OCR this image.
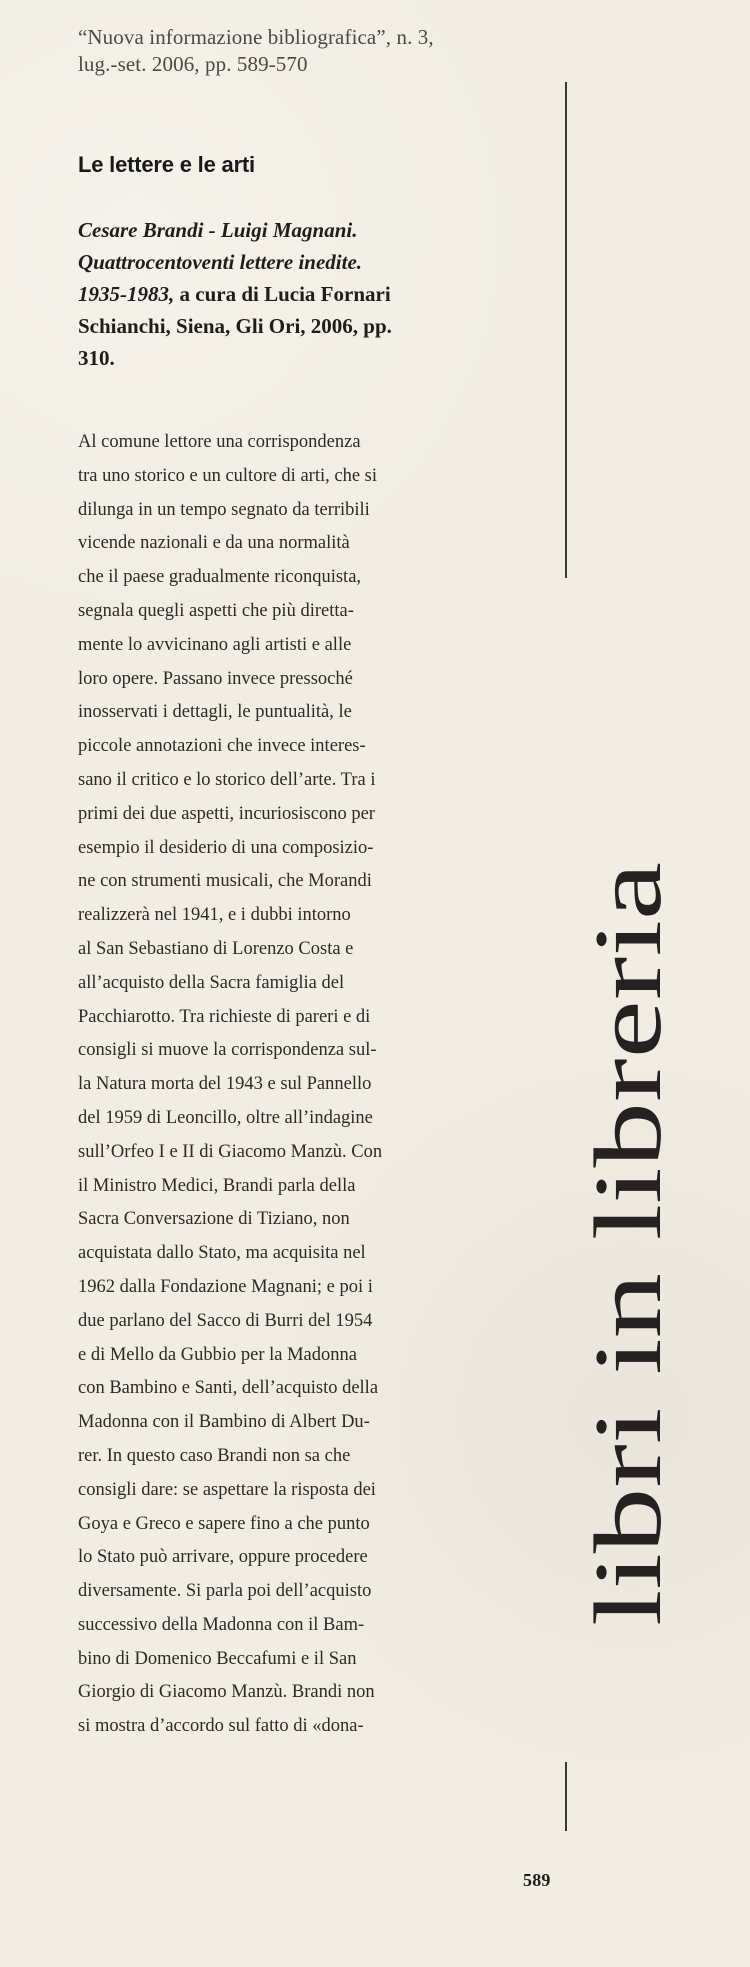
“Nuova informazione bibliografica”, n. 3,
lug.-set. 2006, pp. 589-570
Le lettere e le arti
Cesare Brandi - Luigi Magnani.
Quattrocentoventi lettere inedite.
1935-1983, a cura di Lucia Fornari
Schianchi, Siena, Gli Ori, 2006, pp.
310.
Al comune lettore una corrispondenza
tra uno storico e un cultore di arti, che si
dilunga in un tempo segnato da terribili
vicende nazionali e da una normalità
che il paese gradualmente riconquista,
segnala quegli aspetti che più diretta-
mente lo avvicinano agli artisti e alle
loro opere. Passano invece pressoché
inosservati i dettagli, le puntualità, le
piccole annotazioni che invece interes-
sano il critico e lo storico dell’arte. Tra i
primi dei due aspetti, incuriosiscono per
esempio il desiderio di una composizio-
ne con strumenti musicali, che Morandi
realizzerà nel 1941, e i dubbi intorno
al San Sebastiano di Lorenzo Costa e
all’acquisto della Sacra famiglia del
Pacchiarotto. Tra richieste di pareri e di
consigli si muove la corrispondenza sul-
la Natura morta del 1943 e sul Pannello
del 1959 di Leoncillo, oltre all’indagine
sull’Orfeo I e II di Giacomo Manzù. Con
il Ministro Medici, Brandi parla della
Sacra Conversazione di Tiziano, non
acquistata dallo Stato, ma acquisita nel
1962 dalla Fondazione Magnani; e poi i
due parlano del Sacco di Burri del 1954
e di Mello da Gubbio per la Madonna
con Bambino e Santi, dell’acquisto della
Madonna con il Bambino di Albert Du-
rer. In questo caso Brandi non sa che
consigli dare: se aspettare la risposta dei
Goya e Greco e sapere fino a che punto
lo Stato può arrivare, oppure procedere
diversamente. Si parla poi dell’acquisto
successivo della Madonna con il Bam-
bino di Domenico Beccafumi e il San
Giorgio di Giacomo Manzù. Brandi non
si mostra d’accordo sul fatto di «dona-
libri in libreria
589
